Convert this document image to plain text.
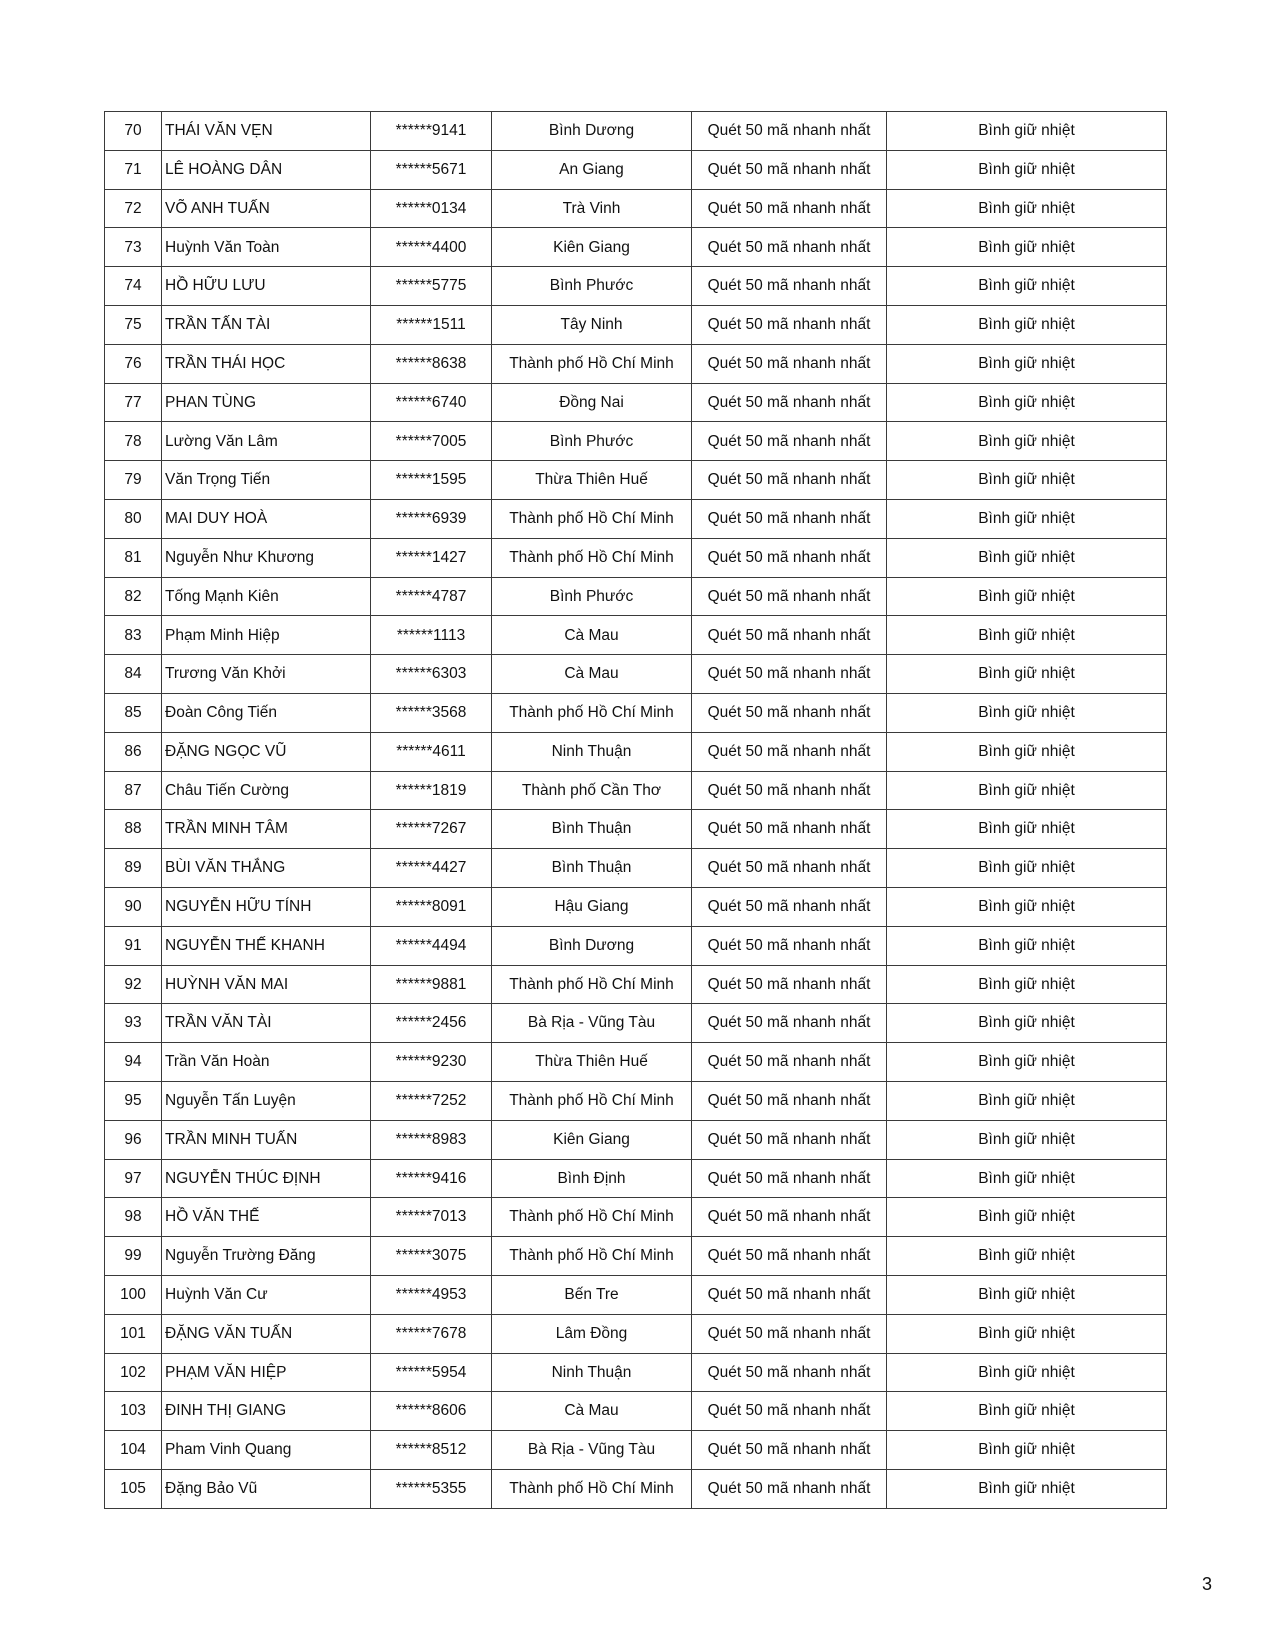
70	THÁI VĂN VẸN	******9141	Bình Dương	Quét 50 mã nhanh nhất	Bình giữ nhiệt
71	LÊ HOÀNG DÂN	******5671	An Giang	Quét 50 mã nhanh nhất	Bình giữ nhiệt
72	VÕ ANH TUẤN	******0134	Trà Vinh	Quét 50 mã nhanh nhất	Bình giữ nhiệt
73	Huỳnh Văn Toàn	******4400	Kiên Giang	Quét 50 mã nhanh nhất	Bình giữ nhiệt
74	HỒ HỮU LƯU	******5775	Bình Phước	Quét 50 mã nhanh nhất	Bình giữ nhiệt
75	TRẦN TẤN TÀI	******1511	Tây Ninh	Quét 50 mã nhanh nhất	Bình giữ nhiệt
76	TRẦN THÁI HỌC	******8638	Thành phố Hồ Chí Minh	Quét 50 mã nhanh nhất	Bình giữ nhiệt
77	PHAN TÙNG	******6740	Đồng Nai	Quét 50 mã nhanh nhất	Bình giữ nhiệt
78	Lường Văn Lâm	******7005	Bình Phước	Quét 50 mã nhanh nhất	Bình giữ nhiệt
79	Văn Trọng Tiến	******1595	Thừa Thiên Huế	Quét 50 mã nhanh nhất	Bình giữ nhiệt
80	MAI DUY HOÀ	******6939	Thành phố Hồ Chí Minh	Quét 50 mã nhanh nhất	Bình giữ nhiệt
81	Nguyễn Như Khương	******1427	Thành phố Hồ Chí Minh	Quét 50 mã nhanh nhất	Bình giữ nhiệt
82	Tống Mạnh Kiên	******4787	Bình Phước	Quét 50 mã nhanh nhất	Bình giữ nhiệt
83	Phạm Minh Hiệp	******1113	Cà Mau	Quét 50 mã nhanh nhất	Bình giữ nhiệt
84	Trương Văn Khởi	******6303	Cà Mau	Quét 50 mã nhanh nhất	Bình giữ nhiệt
85	Đoàn Công Tiến	******3568	Thành phố Hồ Chí Minh	Quét 50 mã nhanh nhất	Bình giữ nhiệt
86	ĐẶNG NGỌC VŨ	******4611	Ninh Thuận	Quét 50 mã nhanh nhất	Bình giữ nhiệt
87	Châu Tiến Cường	******1819	Thành phố Cần Thơ	Quét 50 mã nhanh nhất	Bình giữ nhiệt
88	TRẦN MINH TÂM	******7267	Bình Thuận	Quét 50 mã nhanh nhất	Bình giữ nhiệt
89	BÙI VĂN THẮNG	******4427	Bình Thuận	Quét 50 mã nhanh nhất	Bình giữ nhiệt
90	NGUYỄN HỮU TÍNH	******8091	Hậu Giang	Quét 50 mã nhanh nhất	Bình giữ nhiệt
91	NGUYỄN THẾ KHANH	******4494	Bình Dương	Quét 50 mã nhanh nhất	Bình giữ nhiệt
92	HUỲNH VĂN MAI	******9881	Thành phố Hồ Chí Minh	Quét 50 mã nhanh nhất	Bình giữ nhiệt
93	TRẦN VĂN TÀI	******2456	Bà Rịa - Vũng Tàu	Quét 50 mã nhanh nhất	Bình giữ nhiệt
94	Trần Văn Hoàn	******9230	Thừa Thiên Huế	Quét 50 mã nhanh nhất	Bình giữ nhiệt
95	Nguyễn Tấn Luyện	******7252	Thành phố Hồ Chí Minh	Quét 50 mã nhanh nhất	Bình giữ nhiệt
96	TRẦN MINH TUẤN	******8983	Kiên Giang	Quét 50 mã nhanh nhất	Bình giữ nhiệt
97	NGUYỄN THÚC ĐỊNH	******9416	Bình Định	Quét 50 mã nhanh nhất	Bình giữ nhiệt
98	HỒ VĂN THẾ	******7013	Thành phố Hồ Chí Minh	Quét 50 mã nhanh nhất	Bình giữ nhiệt
99	Nguyễn Trường Đăng	******3075	Thành phố Hồ Chí Minh	Quét 50 mã nhanh nhất	Bình giữ nhiệt
100	Huỳnh Văn Cư	******4953	Bến Tre	Quét 50 mã nhanh nhất	Bình giữ nhiệt
101	ĐẶNG VĂN TUẤN	******7678	Lâm Đồng	Quét 50 mã nhanh nhất	Bình giữ nhiệt
102	PHẠM VĂN HIỆP	******5954	Ninh Thuận	Quét 50 mã nhanh nhất	Bình giữ nhiệt
103	ĐINH THỊ GIANG	******8606	Cà Mau	Quét 50 mã nhanh nhất	Bình giữ nhiệt
104	Pham Vinh Quang	******8512	Bà Rịa - Vũng Tàu	Quét 50 mã nhanh nhất	Bình giữ nhiệt
105	Đặng Bảo Vũ	******5355	Thành phố Hồ Chí Minh	Quét 50 mã nhanh nhất	Bình giữ nhiệt
3
